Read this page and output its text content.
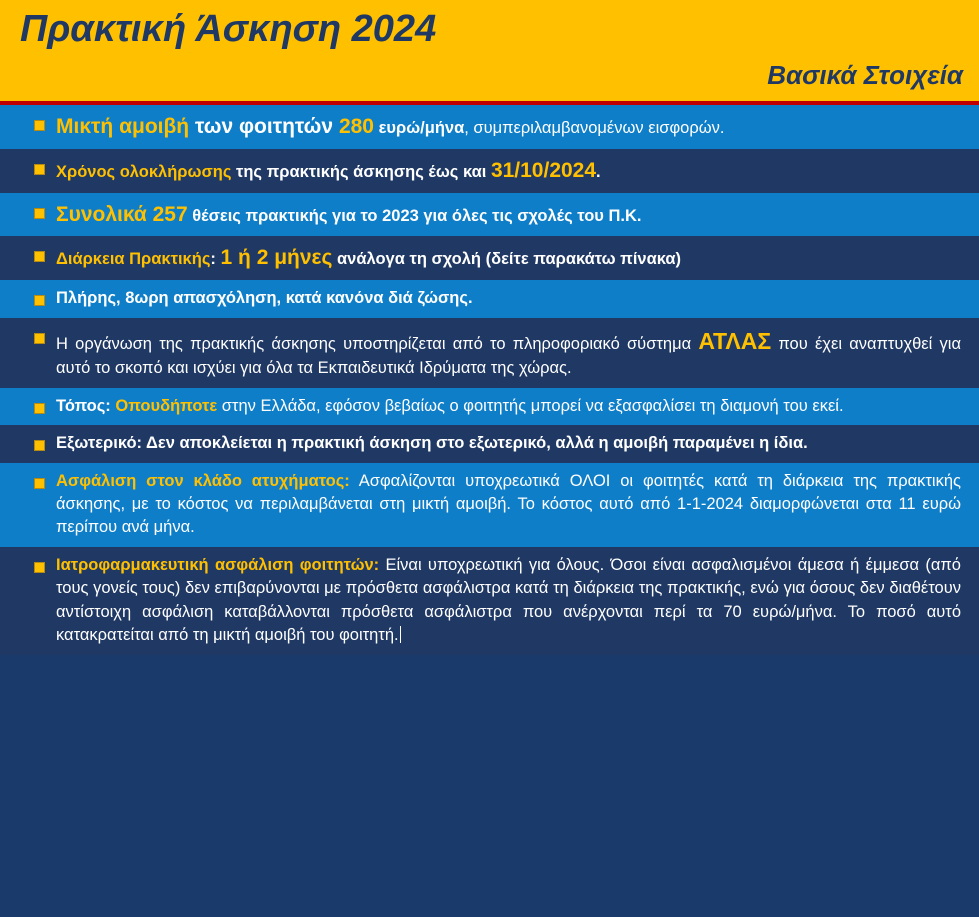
Πρακτική Άσκηση 2024
Βασικά Στοιχεία

Μικτή αμοιβή των φοιτητών 280 ευρώ/μήνα, συμπεριλαμβανομένων εισφορών.

Χρόνος ολοκλήρωσης της πρακτικής άσκησης έως και 31/10/2024.

Συνολικά 257 θέσεις πρακτικής για το 2023 για όλες τις σχολές του Π.Κ.

Διάρκεια Πρακτικής: 1 ή 2 μήνες ανάλογα τη σχολή (δείτε παρακάτω πίνακα)

Πλήρης, 8ωρη απασχόληση, κατά κανόνα διά ζώσης.

Η οργάνωση της πρακτικής άσκησης υποστηρίζεται από το πληροφοριακό σύστημα ΑΤΛΑΣ που έχει αναπτυχθεί για αυτό το σκοπό και ισχύει για όλα τα Εκπαιδευτικά Ιδρύματα της χώρας.

Τόπος: Οπουδήποτε στην Ελλάδα, εφόσον βεβαίως ο φοιτητής μπορεί να εξασφαλίσει τη διαμονή του εκεί.

Εξωτερικό: Δεν αποκλείεται η πρακτική άσκηση στο εξωτερικό, αλλά η αμοιβή παραμένει η ίδια.

Ασφάλιση στον κλάδο ατυχήματος: Ασφαλίζονται υποχρεωτικά ΟΛΟΙ οι φοιτητές κατά τη διάρκεια της πρακτικής άσκησης, με το κόστος να περιλαμβάνεται στη μικτή αμοιβή. Το κόστος αυτό από 1-1-2024 διαμορφώνεται στα 11 ευρώ περίπου ανά μήνα.

Ιατροφαρμακευτική ασφάλιση φοιτητών: Είναι υποχρεωτική για όλους. Όσοι είναι ασφαλισμένοι άμεσα ή έμμεσα (από τους γονείς τους) δεν επιβαρύνονται με πρόσθετα ασφάλιστρα κατά τη διάρκεια της πρακτικής, ενώ για όσους δεν διαθέτουν αντίστοιχη ασφάλιση καταβάλλονται πρόσθετα ασφάλιστρα που ανέρχονται περί τα 70 ευρώ/μήνα. Το ποσό αυτό κατακρατείται από τη μικτή αμοιβή του φοιτητή.
